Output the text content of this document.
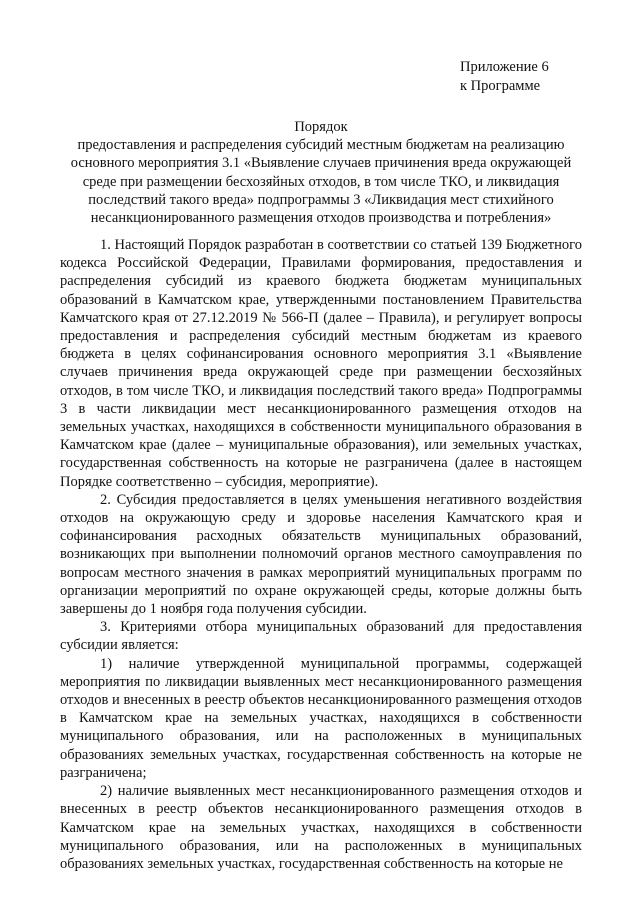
Приложение 6
к Программе
Порядок
предоставления и распределения субсидий местным бюджетам на реализацию
основного мероприятия 3.1 «Выявление случаев причинения вреда окружающей
среде при размещении бесхозяйных отходов, в том числе ТКО, и ликвидация
последствий такого вреда» подпрограммы 3 «Ликвидация мест стихийного
несанкционированного размещения отходов производства и потребления»

1. Настоящий Порядок разработан в соответствии со статьей 139 Бюджетного кодекса Российской Федерации, Правилами формирования, предоставления и распределения субсидий из краевого бюджета бюджетам муниципальных образований в Камчатском крае, утвержденными постановлением Правительства Камчатского края от 27.12.2019 № 566-П (далее – Правила), и регулирует вопросы предоставления и распределения субсидий местным бюджетам из краевого бюджета в целях софинансирования основного мероприятия 3.1 «Выявление случаев причинения вреда окружающей среде при размещении бесхозяйных отходов, в том числе ТКО, и ликвидация последствий такого вреда» Подпрограммы 3 в части ликвидации мест несанкционированного размещения отходов на земельных участках, находящихся в собственности муниципального образования в Камчатском крае (далее – муниципальные образования), или земельных участках, государственная собственность на которые не разграничена (далее в настоящем Порядке соответственно – субсидия, мероприятие).

2. Субсидия предоставляется в целях уменьшения негативного воздействия отходов на окружающую среду и здоровье населения Камчатского края и софинансирования расходных обязательств муниципальных образований, возникающих при выполнении полномочий органов местного самоуправления по вопросам местного значения в рамках мероприятий муниципальных программ по организации мероприятий по охране окружающей среды, которые должны быть завершены до 1 ноября года получения субсидии.

3. Критериями отбора муниципальных образований для предоставления субсидии является:

1) наличие утвержденной муниципальной программы, содержащей мероприятия по ликвидации выявленных мест несанкционированного размещения отходов и внесенных в реестр объектов несанкционированного размещения отходов в Камчатском крае на земельных участках, находящихся в собственности муниципального образования, или на расположенных в муниципальных образованиях земельных участках, государственная собственность на которые не разграничена;

2) наличие выявленных мест несанкционированного размещения отходов и внесенных в реестр объектов несанкционированного размещения отходов в Камчатском крае на земельных участках, находящихся в собственности муниципального образования, или на расположенных в муниципальных образованиях земельных участках, государственная собственность на которые не
